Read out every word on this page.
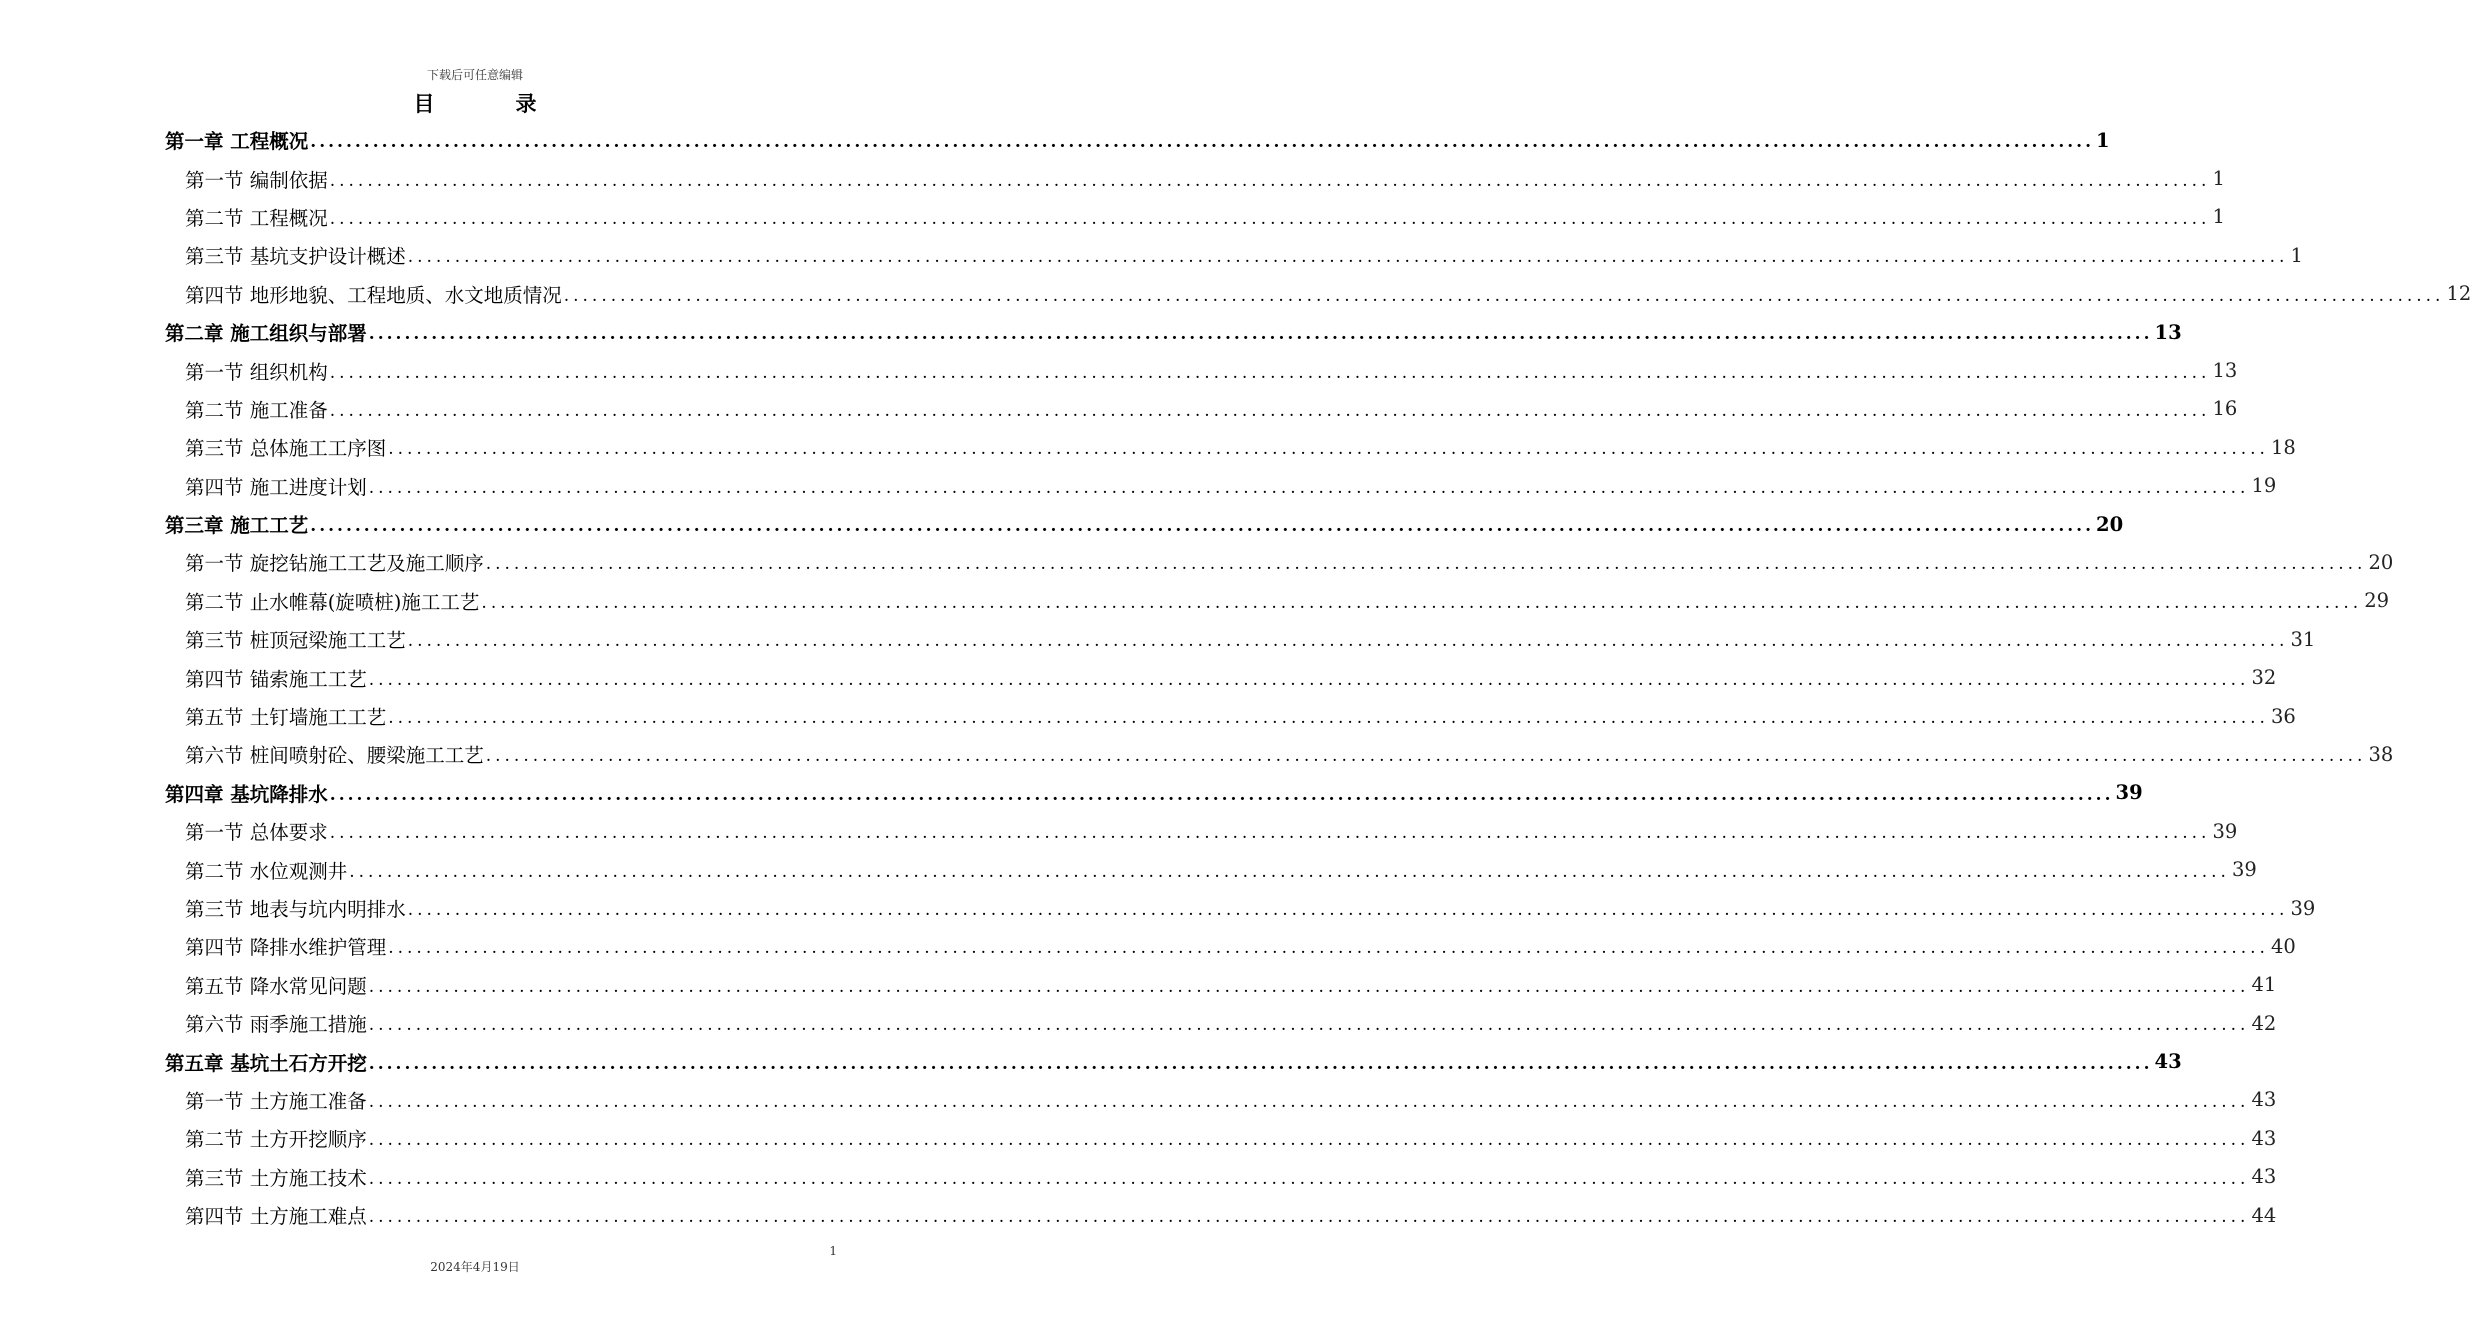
下载后可任意编辑
目　录
第一章 工程概况 ........................................................................................................................................................................................................ 1
第一节 编制依据 ........................................................................................................................................................................................................ 1
第二节 工程概况 ........................................................................................................................................................................................................ 1
第三节 基坑支护设计概述 ........................................................................................................................................................................................................ 1
第四节 地形地貌、工程地质、水文地质情况 ........................................................................................................................................................................................................ 12
第二章 施工组织与部署 ........................................................................................................................................................................................................ 13
第一节 组织机构 ........................................................................................................................................................................................................ 13
第二节 施工准备 ........................................................................................................................................................................................................ 16
第三节 总体施工工序图 ........................................................................................................................................................................................................ 18
第四节 施工进度计划 ........................................................................................................................................................................................................ 19
第三章 施工工艺 ........................................................................................................................................................................................................ 20
第一节 旋挖钻施工工艺及施工顺序 ........................................................................................................................................................................................................ 20
第二节 止水帷幕(旋喷桩)施工工艺 ........................................................................................................................................................................................................ 29
第三节 桩顶冠梁施工工艺 ........................................................................................................................................................................................................ 31
第四节 锚索施工工艺 ........................................................................................................................................................................................................ 32
第五节 土钉墙施工工艺 ........................................................................................................................................................................................................ 36
第六节 桩间喷射砼、腰梁施工工艺 ........................................................................................................................................................................................................ 38
第四章 基坑降排水 ........................................................................................................................................................................................................ 39
第一节 总体要求 ........................................................................................................................................................................................................ 39
第二节 水位观测井 ........................................................................................................................................................................................................ 39
第三节 地表与坑内明排水 ........................................................................................................................................................................................................ 39
第四节 降排水维护管理 ........................................................................................................................................................................................................ 40
第五节 降水常见问题 ........................................................................................................................................................................................................ 41
第六节 雨季施工措施 ........................................................................................................................................................................................................ 42
第五章 基坑土石方开挖 ........................................................................................................................................................................................................ 43
第一节 土方施工准备 ........................................................................................................................................................................................................ 43
第二节 土方开挖顺序 ........................................................................................................................................................................................................ 43
第三节 土方施工技术 ........................................................................................................................................................................................................ 43
第四节 土方施工难点 ........................................................................................................................................................................................................ 44
1
2024年4月19日
